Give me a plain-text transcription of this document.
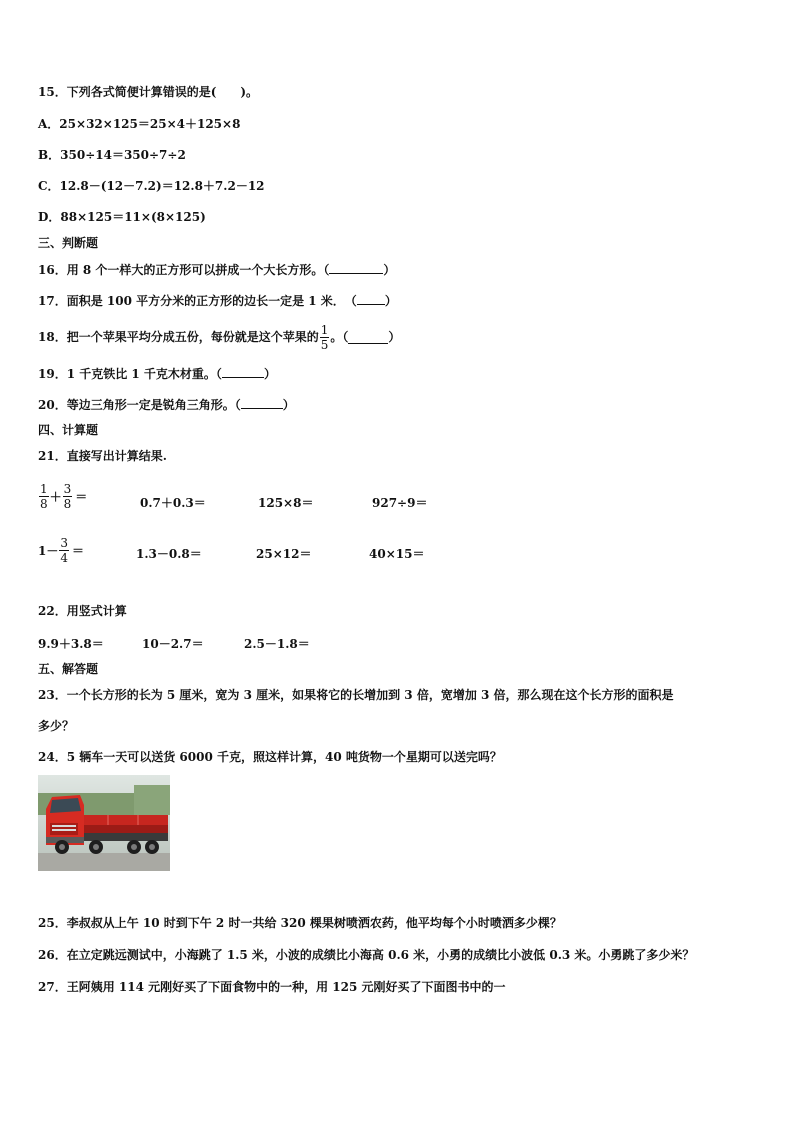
15．下列各式简便计算错误的是(　　)。
A．25×32×125＝25×4＋125×8
B．350÷14＝350÷7÷2
C．12.8－(12－7.2)＝12.8＋7.2－12
D．88×125＝11×(8×125)
三、判断题
16．用 8 个一样大的正方形可以拼成一个大长方形。（	）
17．面积是 100 平方分米的正方形的边长一定是 1 米．　（ ）
18．把一个苹果平均分成五份，每份就是这个苹果的 $\frac{1}{5}$ 。（	）
19．1 千克铁比 1 千克木材重。（	）
20．等边三角形一定是锐角三角形。（	）
四、计算题
21．直接写出计算结果.
$\frac{1}{8} + \frac{3}{8}$ ＝	0.7＋0.3＝	125×8＝	927÷9＝
$1- \frac{3}{4}$ ＝	1.3－0.8＝	25×12＝	40×15＝
22．用竖式计算
9.9＋3.8＝	10－2.7＝	2.5－1.8＝
五、解答题
23．一个长方形的长为 5 厘米，宽为 3 厘米，如果将它的长增加到 3 倍，宽增加 3 倍，那么现在这个长方形的面积是
多少？
24．5 辆车一天可以送货 6000 千克，照这样计算，40 吨货物一个星期可以送完吗？
25．李叔叔从上午 10 时到下午 2 时一共给 320 棵果树喷洒农药，他平均每个小时喷洒多少棵？
26．在立定跳远测试中，小海跳了 1.5 米，小波的成绩比小海高 0.6 米，小勇的成绩比小波低 0.3 米。小勇跳了多少米？
27．王阿姨用 114 元刚好买了下面食物中的一种，用 125 元刚好买了下面图书中的一
